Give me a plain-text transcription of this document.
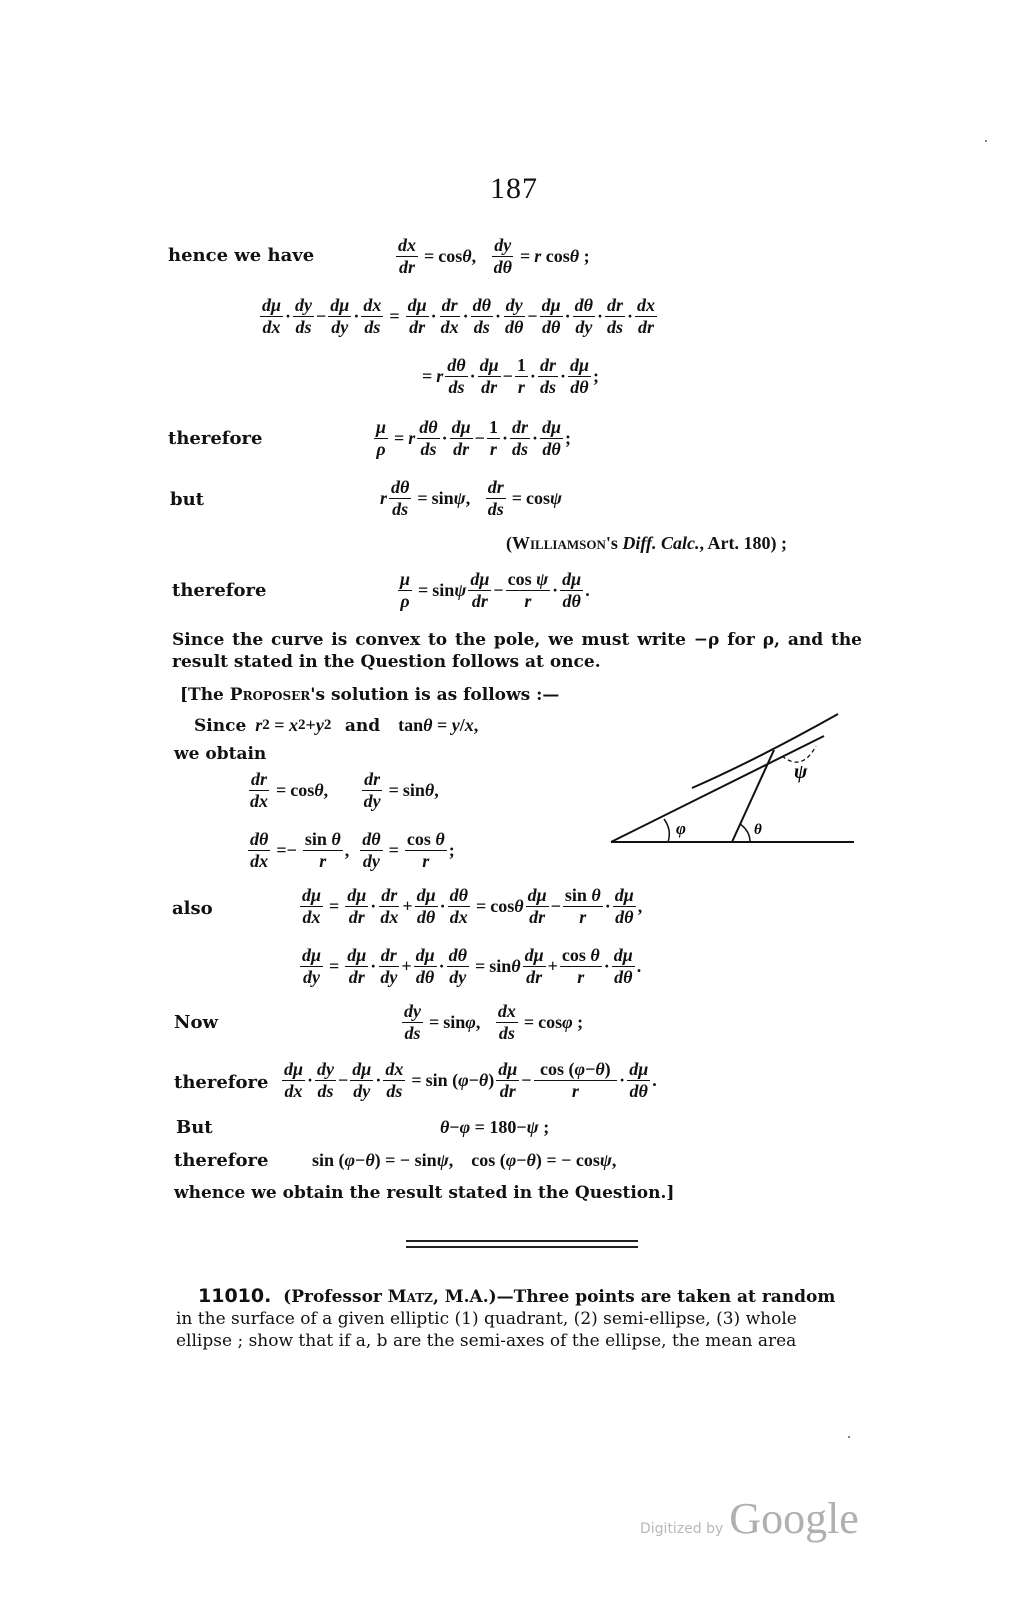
187
hence we have	$\frac{dx}{dr} = \cos \theta$ , $\frac{dy}{d\theta} = r$ cos θ ;
$\frac{d\mu}{dx} \cdot \frac{dy}{ds} - \frac{d\mu}{dy} \cdot \frac{dx}{ds} = \frac{d\mu}{dr} \cdot \frac{dr}{dx} \cdot \frac{d\theta}{ds} \cdot \frac{dy}{d\theta} - \frac{d\mu}{d\theta} \cdot \frac{d\theta}{dy} \cdot \frac{dr}{ds} \cdot \frac{dx}{dr}$
= r $\frac{d\theta}{ds} \cdot \frac{d\mu}{dr} - \frac{1}{r} \cdot \frac{dr}{ds} \cdot \frac{d\mu}{d\theta}$ ;
therefore	$\frac{\mu}{\rho} = r \frac{d\theta}{ds} \cdot \frac{d\mu}{dr} - \frac{1}{r} \cdot \frac{dr}{ds} \cdot \frac{d\mu}{d\theta}$ ;
but	r $\frac{d\theta}{ds} = \sin \psi$ , $\frac{dr}{ds} = \cos \psi$
( Williamson 's
Diff. Calc. , Art. 180) ;
therefore	$\frac{\mu}{\rho} = \sin \psi \frac{d\mu}{dr} - \frac{\text{cos ψ}}{r} \cdot \frac{d\mu}{d\theta}$ .
Since the curve is convex to the pole, we must write −ρ for ρ, and the result stated in the Question follows at once.
[The Proposer's solution is as follows :—
Since
r 2 = x 2 + y 2
and tan θ = y / x ,
we obtain
$\frac{dr}{dx} = \cos \theta$ , $\frac{dr}{dy} = \sin \theta$ ,
$\frac{d\theta}{dx} =- \frac{\text{sin θ}}{r}$ , $\frac{d\theta}{dy} = \frac{\text{cos θ}}{r}$ ;
φ	θ
ψ
also	$\frac{d\mu}{dx} = \frac{d\mu}{dr} \cdot \frac{dr}{dx} + \frac{d\mu}{d\theta} \cdot \frac{d\theta}{dx} = \cos \theta \frac{d\mu}{dr} - \frac{\text{sin θ}}{r} \cdot \frac{d\mu}{d\theta}$ ,
$\frac{d\mu}{dy} = \frac{d\mu}{dr} \cdot \frac{dr}{dy} + \frac{d\mu}{d\theta} \cdot \frac{d\theta}{dy} = \sin \theta \frac{d\mu}{dr} + \frac{\text{cos θ}}{r} \cdot \frac{d\mu}{d\theta}$ .
Now	$\frac{dy}{ds} = \sin \varphi$ , $\frac{dx}{ds} = \cos \varphi$ ;
therefore $\frac{d\mu}{dx} \cdot \frac{dy}{ds} - \frac{d\mu}{dy} \cdot \frac{dx}{ds} = \sin$ ( φ − θ ) $\frac{d\mu}{dr} - \frac{\cos (\varphi-\theta)}{r} \cdot \frac{d\mu}{d\theta}$ .
But	θ − φ = 180− ψ ;
therefore sin ( φ − θ ) = − sin ψ ,    cos ( φ − θ ) = − cos ψ ,
whence we obtain the result stated in the Question.]
11010. (Professor Matz, M.A.)—Three points are taken at random
in the surface of a given elliptic (1) quadrant, (2) semi-ellipse, (3) whole
ellipse ; show that if a, b are the semi-axes of the ellipse, the mean area
Digitized by Google
